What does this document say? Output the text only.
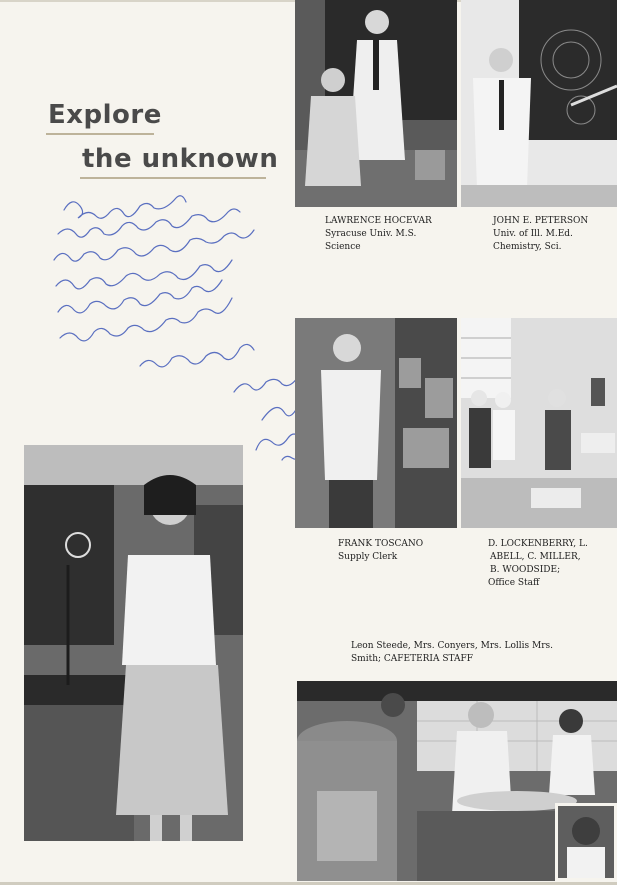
Explore
the unknown
LAWRENCE HOCEVAR
Syracuse Univ. M.S.
Science
JOHN E. PETERSON
Univ. of Ill. M.Ed.
Chemistry, Sci.
FRANK TOSCANO
Supply Clerk
D. LOCKENBERRY, L.
ABELL, C. MILLER,
B. WOODSIDE;
Office Staff
Leon Steede, Mrs. Conyers, Mrs. Lollis Mrs.
Smith; CAFETERIA STAFF
